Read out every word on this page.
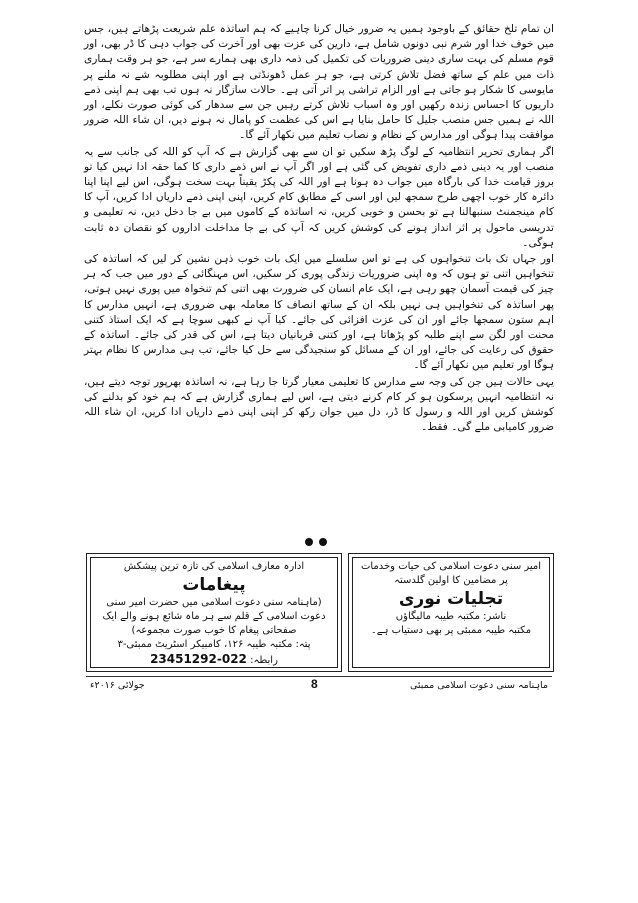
ان تمام تلخ حقائق کے باوجود ہمیں یہ ضرور خیال کرنا چاہیے کہ ہم اساتذہ علم شریعت پڑھاتے ہیں، جس میں خوف خدا اور شرم نبی دونوں شامل ہے، دارین کی عزت بھی اور آخرت کی جواب دہی کا ڈر بھی، اور قوم مسلم کی بہت ساری دینی ضروریات کی تکمیل کی ذمہ داری بھی ہمارے سر ہے، جو ہر وقت ہماری ذات میں علم کے ساتھ فضل تلاش کرتی ہے، جو ہر عمل ڈھونڈتی ہے اور اپنی مطلوبہ شے نہ ملنے پر مایوسی کا شکار ہو جاتی ہے اور الزام تراشی پر اتر آتی ہے۔ حالات سازگار نہ ہوں تب بھی ہم اپنی ذمے داریوں کا احساس زندہ رکھیں اور وہ اسباب تلاش کرتے رہیں جن سے سدھار کی کوئی صورت نکلے، اور اللہ نے ہمیں جس منصب جلیل کا حامل بنایا ہے اس کی عظمت کو پامال نہ ہونے دیں، ان شاء اللہ ضرور موافقت پیدا ہوگی اور مدارس کے نظام و نصاب تعلیم میں نکھار آئے گا۔

اگر ہماری تحریر انتظامیہ کے لوگ پڑھ سکیں تو ان سے بھی گزارش ہے کہ آپ کو اللہ کی جانب سے یہ منصب اور یہ دینی ذمے داری تفویض کی گئی ہے اور اگر آپ نے اس ذمے داری کا کما حقہ ادا نہیں کیا تو بروز قیامت خدا کی بارگاہ میں جواب دہ ہونا ہے اور اللہ کی پکڑ یقیناً بہت سخت ہوگی، اس لیے اپنا اپنا دائرہ کار خوب اچھی طرح سمجھ لیں اور اسی کے مطابق کام کریں، اپنی اپنی ذمے داریاں ادا کریں، آپ کا کام مینجمنٹ سنبھالنا ہے تو بحسن و خوبی کریں، نہ اساتذہ کے کاموں میں بے جا دخل دیں، نہ تعلیمی و تدریسی ماحول پر اثر انداز ہونے کی کوشش کریں کہ آپ کی بے جا مداخلت اداروں کو نقصان دہ ثابت ہوگی۔

اور جہاں تک بات تنخواہوں کی ہے تو اس سلسلے میں ایک بات خوب ذہن نشین کر لیں کہ اساتذہ کی تنخواہیں اتنی تو ہوں کہ وہ اپنی ضروریات زندگی پوری کر سکیں، اس مہنگائی کے دور میں جب کہ ہر چیز کی قیمت آسمان چھو رہی ہے، ایک عام انسان کی ضرورت بھی اتنی کم تنخواہ میں پوری نہیں ہوتی، پھر اساتذہ کی تنخواہیں ہی نہیں بلکہ ان کے ساتھ انصاف کا معاملہ بھی ضروری ہے، انہیں مدارس کا اہم ستون سمجھا جائے اور ان کی عزت افزائی کی جائے۔ کیا آپ نے کبھی سوچا ہے کہ ایک استاذ کتنی محنت اور لگن سے اپنے طلبہ کو پڑھاتا ہے، اور کتنی قربانیاں دیتا ہے، اس کی قدر کی جائے۔ اساتذہ کے حقوق کی رعایت کی جائے، اور ان کے مسائل کو سنجیدگی سے حل کیا جائے، تب ہی مدارس کا نظام بہتر ہوگا اور تعلیم میں نکھار آئے گا۔

یہی حالات ہیں جن کی وجہ سے مدارس کا تعلیمی معیار گرتا جا رہا ہے، نہ اساتذہ بھرپور توجہ دیتے ہیں، نہ انتظامیہ انہیں پرسکون ہو کر کام کرنے دیتی ہے، اس لیے ہماری گزارش ہے کہ ہم خود کو بدلنے کی کوشش کریں اور اللہ و رسول کا ڈر، دل میں جوان رکھ کر اپنی اپنی ذمے داریاں ادا کریں، ان شاء اللہ ضرور کامیابی ملے گی۔ فقط۔

ادارہ معارف اسلامی کی تازہ ترین پیشکش

پیغامات

(ماہنامہ سنی دعوت اسلامی میں حضرت امیر سنی دعوت اسلامی کے قلم سے ہر ماہ شائع ہونے والے ایک صفحاتی پیغام کا خوب صورت مجموعہ)

پتہ: مکتبہ طیبہ ۱۲۶، کامبیکر اسٹریٹ ممبئی-۳

رابطہ: 022-23451292

امیر سنی دعوت اسلامی کی حیات وخدمات پر مضامین کا اولین گلدستہ

تجلیات نوری

ناشر: مکتبہ طیبہ مالیگاؤں

مکتبہ طیبہ ممبئی پر بھی دستیاب ہے۔

جولائی ۲۰۱۶ء	8	ماہنامہ سنی دعوت اسلامی ممبئی
